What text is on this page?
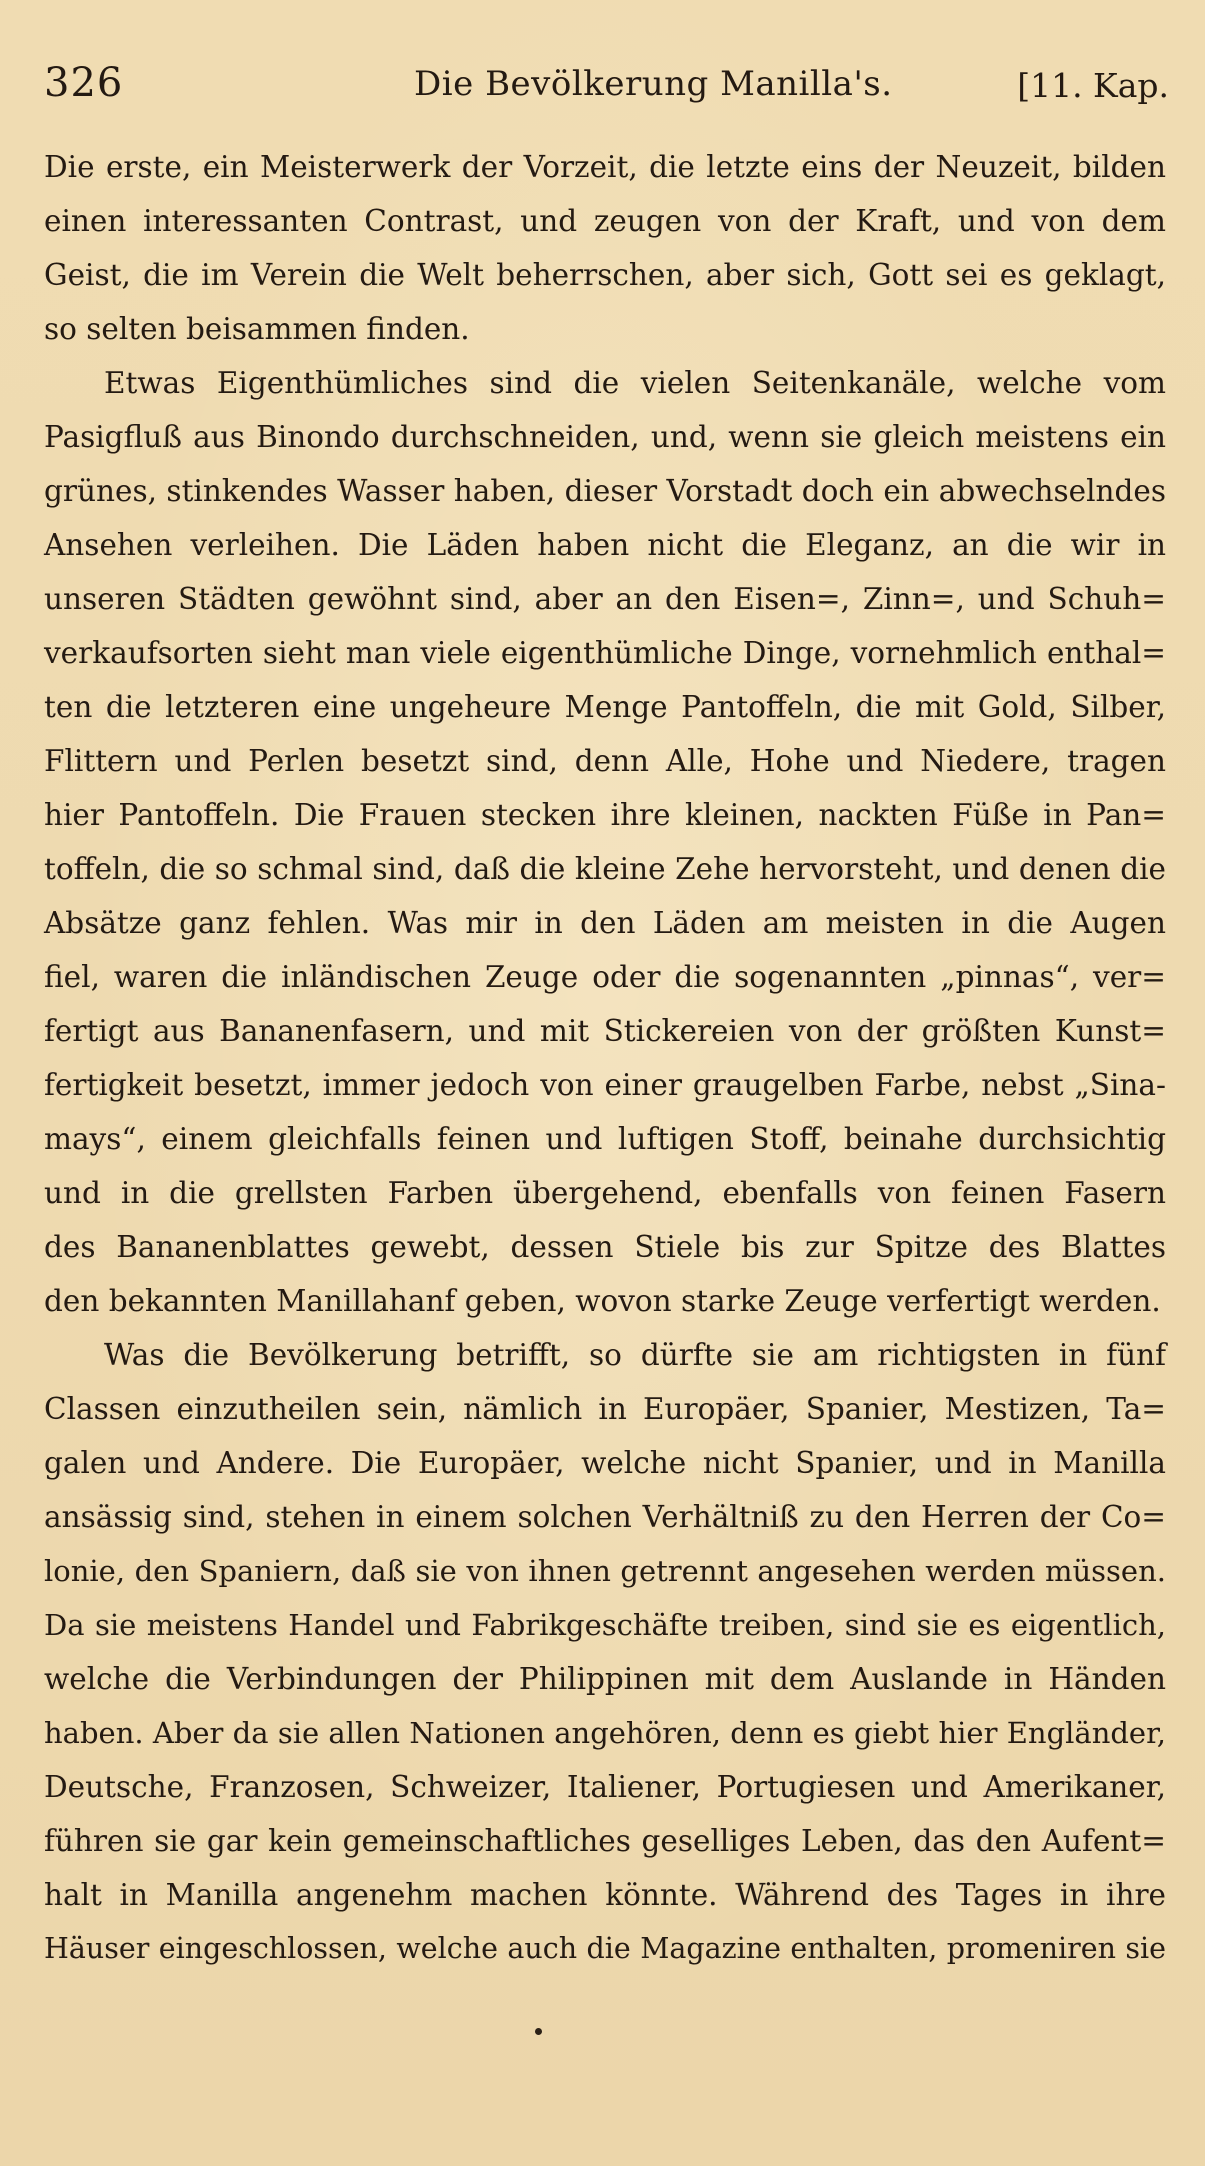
326	Die Bevölkerung Manilla's.	[11. Kap.
Die erste, ein Meisterwerk der Vorzeit, die letzte eins der Neuzeit, bilden
einen interessanten Contrast, und zeugen von der Kraft, und von dem
Geist, die im Verein die Welt beherrschen, aber sich, Gott sei es geklagt,
so selten beisammen finden.
Etwas Eigenthümliches sind die vielen Seitenkanäle, welche vom
Pasigfluß aus Binondo durchschneiden, und, wenn sie gleich meistens ein
grünes, stinkendes Wasser haben, dieser Vorstadt doch ein abwechselndes
Ansehen verleihen. Die Läden haben nicht die Eleganz, an die wir in
unseren Städten gewöhnt sind, aber an den Eisen=, Zinn=, und Schuh=
verkaufsorten sieht man viele eigenthümliche Dinge, vornehmlich enthal=
ten die letzteren eine ungeheure Menge Pantoffeln, die mit Gold, Silber,
Flittern und Perlen besetzt sind, denn Alle, Hohe und Niedere, tragen
hier Pantoffeln. Die Frauen stecken ihre kleinen, nackten Füße in Pan=
toffeln, die so schmal sind, daß die kleine Zehe hervorsteht, und denen die
Absätze ganz fehlen. Was mir in den Läden am meisten in die Augen
fiel, waren die inländischen Zeuge oder die sogenannten „pinnas“, ver=
fertigt aus Bananenfasern, und mit Stickereien von der größten Kunst=
fertigkeit besetzt, immer jedoch von einer graugelben Farbe, nebst „Sina-
mays“, einem gleichfalls feinen und luftigen Stoff, beinahe durchsichtig
und in die grellsten Farben übergehend, ebenfalls von feinen Fasern
des Bananenblattes gewebt, dessen Stiele bis zur Spitze des Blattes
den bekannten Manillahanf geben, wovon starke Zeuge verfertigt werden.
Was die Bevölkerung betrifft, so dürfte sie am richtigsten in fünf
Classen einzutheilen sein, nämlich in Europäer, Spanier, Mestizen, Ta=
galen und Andere. Die Europäer, welche nicht Spanier, und in Manilla
ansässig sind, stehen in einem solchen Verhältniß zu den Herren der Co=
lonie, den Spaniern, daß sie von ihnen getrennt angesehen werden müssen.
Da sie meistens Handel und Fabrikgeschäfte treiben, sind sie es eigentlich,
welche die Verbindungen der Philippinen mit dem Auslande in Händen
haben. Aber da sie allen Nationen angehören, denn es giebt hier Engländer,
Deutsche, Franzosen, Schweizer, Italiener, Portugiesen und Amerikaner,
führen sie gar kein gemeinschaftliches geselliges Leben, das den Aufent=
halt in Manilla angenehm machen könnte. Während des Tages in ihre
Häuser eingeschlossen, welche auch die Magazine enthalten, promeniren sie
